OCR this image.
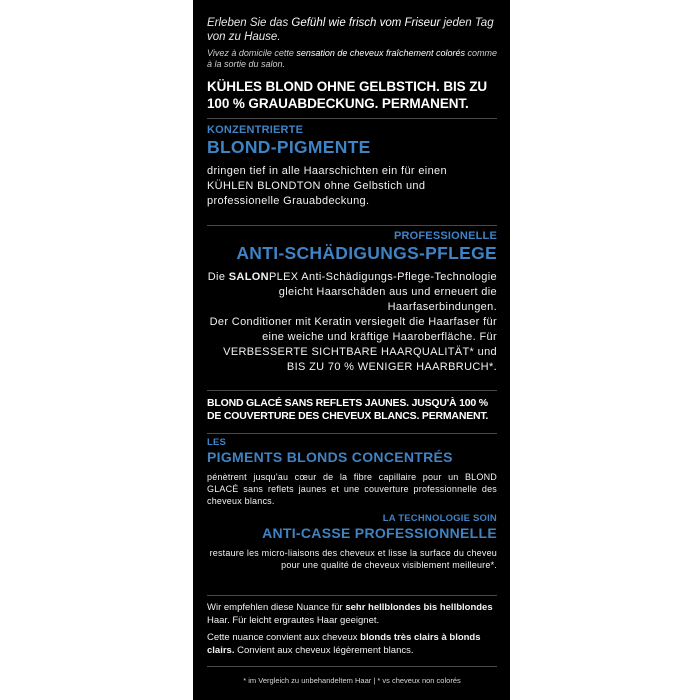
Erleben Sie das Gefühl wie frisch vom Friseur jeden Tag von zu Hause.
Vivez à domicile cette sensation de cheveux fraîchement colorés comme à la sortie du salon.
KÜHLES BLOND OHNE GELBSTICH. BIS ZU 100 % GRAUABDECKUNG. PERMANENT.
KONZENTRIERTE
BLOND-PIGMENTE
dringen tief in alle Haarschichten ein für einen KÜHLEN BLONDTON ohne Gelbstich und professionelle Grauabdeckung.
PROFESSIONELLE
ANTI-SCHÄDIGUNGS-PFLEGE
Die SALONPLEX Anti-Schädigungs-Pflege-Technologie gleicht Haarschäden aus und erneuert die Haarfaserbindungen.
Der Conditioner mit Keratin versiegelt die Haarfaser für eine weiche und kräftige Haaroberfläche. Für VERBESSERTE SICHTBARE HAARQUALITÄT* und BIS ZU 70 % WENIGER HAARBRUCH*.
BLOND GLACÉ SANS REFLETS JAUNES. JUSQU'À 100 % DE COUVERTURE DES CHEVEUX BLANCS. PERMANENT.
LES
PIGMENTS BLONDS CONCENTRÉS
pénètrent jusqu'au cœur de la fibre capillaire pour un BLOND GLACÉ sans reflets jaunes et une couverture professionnelle des cheveux blancs.
LA TECHNOLOGIE SOIN
ANTI-CASSE PROFESSIONNELLE
restaure les micro-liaisons des cheveux et lisse la surface du cheveu pour une qualité de cheveux visiblement meilleure*.
Wir empfehlen diese Nuance für sehr hellblondes bis hellblondes Haar. Für leicht ergrautes Haar geeignet.
Cette nuance convient aux cheveux blonds très clairs à blonds clairs. Convient aux cheveux légèrement blancs.
* im Vergleich zu unbehandeltem Haar | * vs cheveux non colorés
